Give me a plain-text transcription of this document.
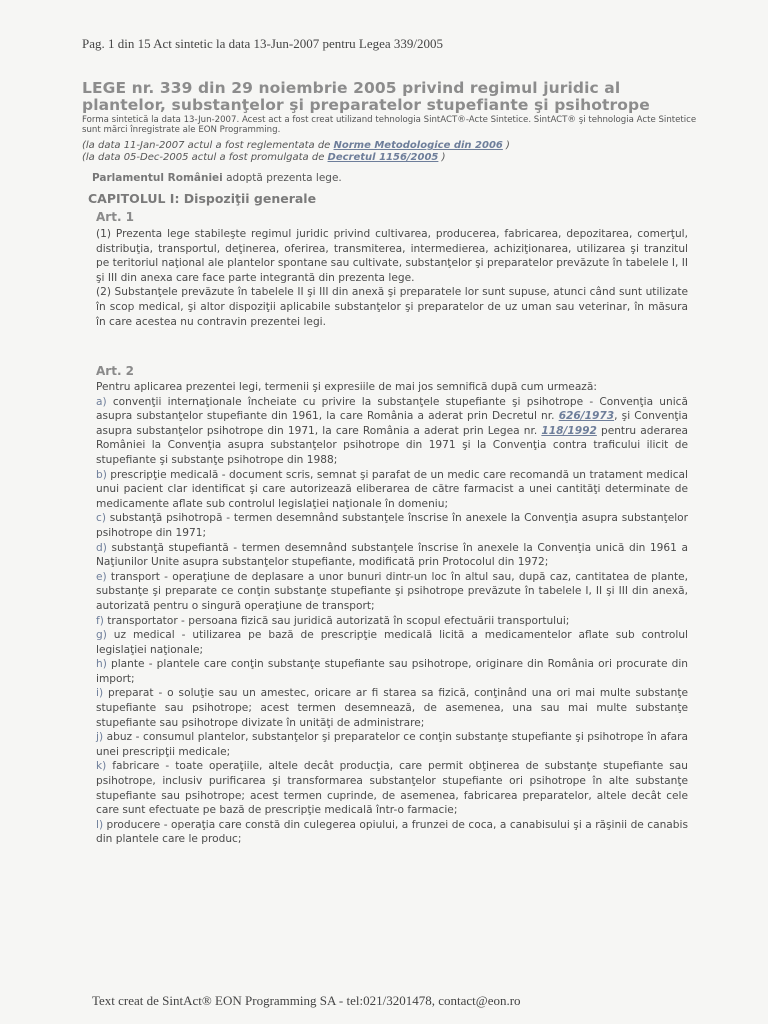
Pag. 1 din 15 Act sintetic la data 13-Jun-2007 pentru Legea 339/2005
LEGE nr. 339 din 29 noiembrie 2005 privind regimul juridic al plantelor, substanţelor şi preparatelor stupefiante şi psihotrope
Forma sintetică la data 13-Jun-2007. Acest act a fost creat utilizand tehnologia SintACT®-Acte Sintetice. SintACT® şi tehnologia Acte Sintetice sunt mărci înregistrate ale EON Programming.
(la data 11-Jan-2007 actul a fost reglementata de Norme Metodologice din 2006 )
(la data 05-Dec-2005 actul a fost promulgata de Decretul 1156/2005 )
Parlamentul României adoptă prezenta lege.
CAPITOLUL I: Dispoziţii generale
Art. 1

(1) Prezenta lege stabileşte regimul juridic privind cultivarea, producerea, fabricarea, depozitarea, comerţul, distribuţia, transportul, deţinerea, oferirea, transmiterea, intermedierea, achiziţionarea, utilizarea şi tranzitul pe teritoriul naţional ale plantelor spontane sau cultivate, substanţelor şi preparatelor prevăzute în tabelele I, II şi III din anexa care face parte integrantă din prezenta lege.

(2) Substanţele prevăzute în tabelele II şi III din anexă şi preparatele lor sunt supuse, atunci când sunt utilizate în scop medical, şi altor dispoziţii aplicabile substanţelor şi preparatelor de uz uman sau veterinar, în măsura în care acestea nu contravin prezentei legi.

Art. 2

Pentru aplicarea prezentei legi, termenii şi expresiile de mai jos semnifică după cum urmează:

a) convenţii internaţionale încheiate cu privire la substanţele stupefiante şi psihotrope - Convenţia unică asupra substanţelor stupefiante din 1961, la care România a aderat prin Decretul nr. 626/1973, şi Convenţia asupra substanţelor psihotrope din 1971, la care România a aderat prin Legea nr. 118/1992 pentru aderarea României la Convenţia asupra substanţelor psihotrope din 1971 şi la Convenţia contra traficului ilicit de stupefiante şi substanţe psihotrope din 1988;

b) prescripţie medicală - document scris, semnat şi parafat de un medic care recomandă un tratament medical unui pacient clar identificat şi care autorizează eliberarea de către farmacist a unei cantităţi determinate de medicamente aflate sub controlul legislaţiei naţionale în domeniu;

c) substanţă psihotropă - termen desemnând substanţele înscrise în anexele la Convenţia asupra substanţelor psihotrope din 1971;

d) substanţă stupefiantă - termen desemnând substanţele înscrise în anexele la Convenţia unică din 1961 a Naţiunilor Unite asupra substanţelor stupefiante, modificată prin Protocolul din 1972;

e) transport - operaţiune de deplasare a unor bunuri dintr-un loc în altul sau, după caz, cantitatea de plante, substanţe şi preparate ce conţin substanţe stupefiante şi psihotrope prevăzute în tabelele I, II şi III din anexă, autorizată pentru o singură operaţiune de transport;

f) transportator - persoana fizică sau juridică autorizată în scopul efectuării transportului;

g) uz medical - utilizarea pe bază de prescripţie medicală licită a medicamentelor aflate sub controlul legislaţiei naţionale;

h) plante - plantele care conţin substanţe stupefiante sau psihotrope, originare din România ori procurate din import;

i) preparat - o soluţie sau un amestec, oricare ar fi starea sa fizică, conţinând una ori mai multe substanţe stupefiante sau psihotrope; acest termen desemnează, de asemenea, una sau mai multe substanţe stupefiante sau psihotrope divizate în unităţi de administrare;

j) abuz - consumul plantelor, substanţelor şi preparatelor ce conţin substanţe stupefiante şi psihotrope în afara unei prescripţii medicale;

k) fabricare - toate operaţiile, altele decât producţia, care permit obţinerea de substanţe stupefiante sau psihotrope, inclusiv purificarea şi transformarea substanţelor stupefiante ori psihotrope în alte substanţe stupefiante sau psihotrope; acest termen cuprinde, de asemenea, fabricarea preparatelor, altele decât cele care sunt efectuate pe bază de prescripţie medicală într-o farmacie;

l) producere - operaţia care constă din culegerea opiului, a frunzei de coca, a canabisului şi a răşinii de canabis din plantele care le produc;

Text creat de SintAct® EON Programming SA - tel:021/3201478, contact@eon.ro
